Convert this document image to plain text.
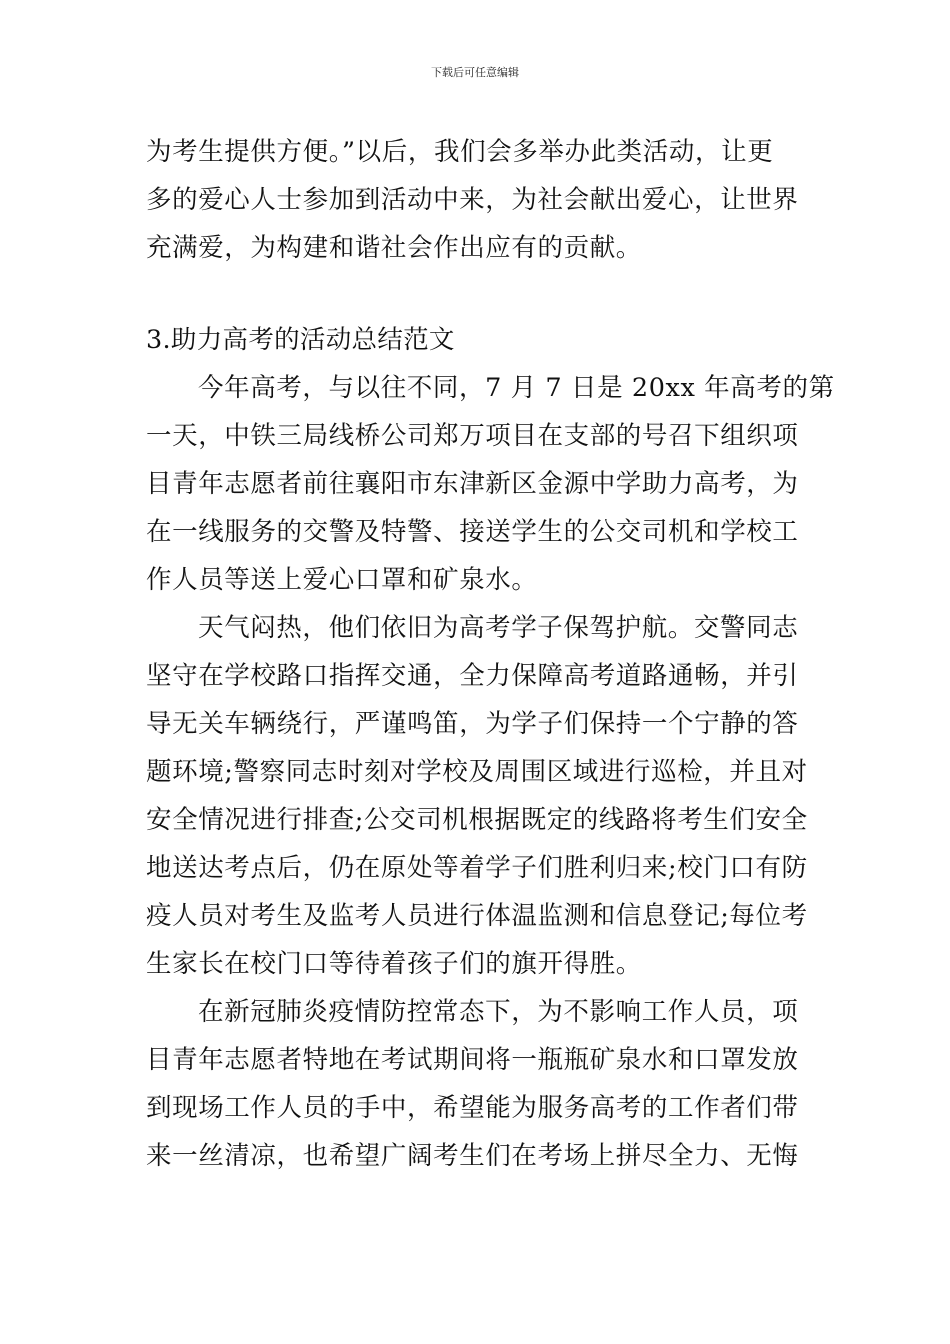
下载后可任意编辑
为考生提供方便。”以后，我们会多举办此类活动，让更
多的爱心人士参加到活动中来，为社会献出爱心，让世界
充满爱，为构建和谐社会作出应有的贡献。
3.助力高考的活动总结范文
今年高考，与以往不同，7 月 7 日是 20xx 年高考的第
一天，中铁三局线桥公司郑万项目在支部的号召下组织项
目青年志愿者前往襄阳市东津新区金源中学助力高考，为
在一线服务的交警及特警、接送学生的公交司机和学校工
作人员等送上爱心口罩和矿泉水。
天气闷热，他们依旧为高考学子保驾护航。交警同志
坚守在学校路口指挥交通，全力保障高考道路通畅，并引
导无关车辆绕行，严谨鸣笛，为学子们保持一个宁静的答
题环境;警察同志时刻对学校及周围区域进行巡检，并且对
安全情况进行排查;公交司机根据既定的线路将考生们安全
地送达考点后，仍在原处等着学子们胜利归来;校门口有防
疫人员对考生及监考人员进行体温监测和信息登记;每位考
生家长在校门口等待着孩子们的旗开得胜。
在新冠肺炎疫情防控常态下，为不影响工作人员，项
目青年志愿者特地在考试期间将一瓶瓶矿泉水和口罩发放
到现场工作人员的手中，希望能为服务高考的工作者们带
来一丝清凉，也希望广阔考生们在考场上拼尽全力、无悔
